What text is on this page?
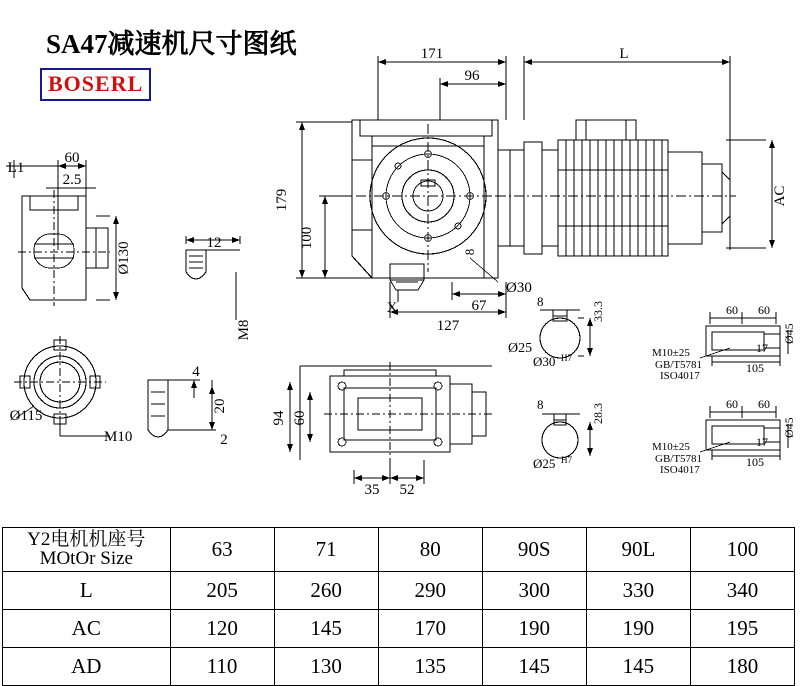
SA47减速机尺寸图纸
BOSERL
171
96
L
179
100
AC
127
67
Ø30
X
8
L1
60
2.5
Ø130
Ø115
M10
12
M8
4
20
2
94 60
35 52
8	33.3
Ø25
Ø30 H7
8	28.3
Ø25 H7
60 60
17
105
Ø45
M10±25
GB/T5781
ISO4017
60 60
17
105
Ø45
M10±25
GB/T5781
ISO4017
Y2电机机座号
MOtOr Size	63	71	80	90S	90L	100
L	205	260	290	300	330	340
AC	120	145	170	190	190	195
AD	110	130	135	145	145	180
